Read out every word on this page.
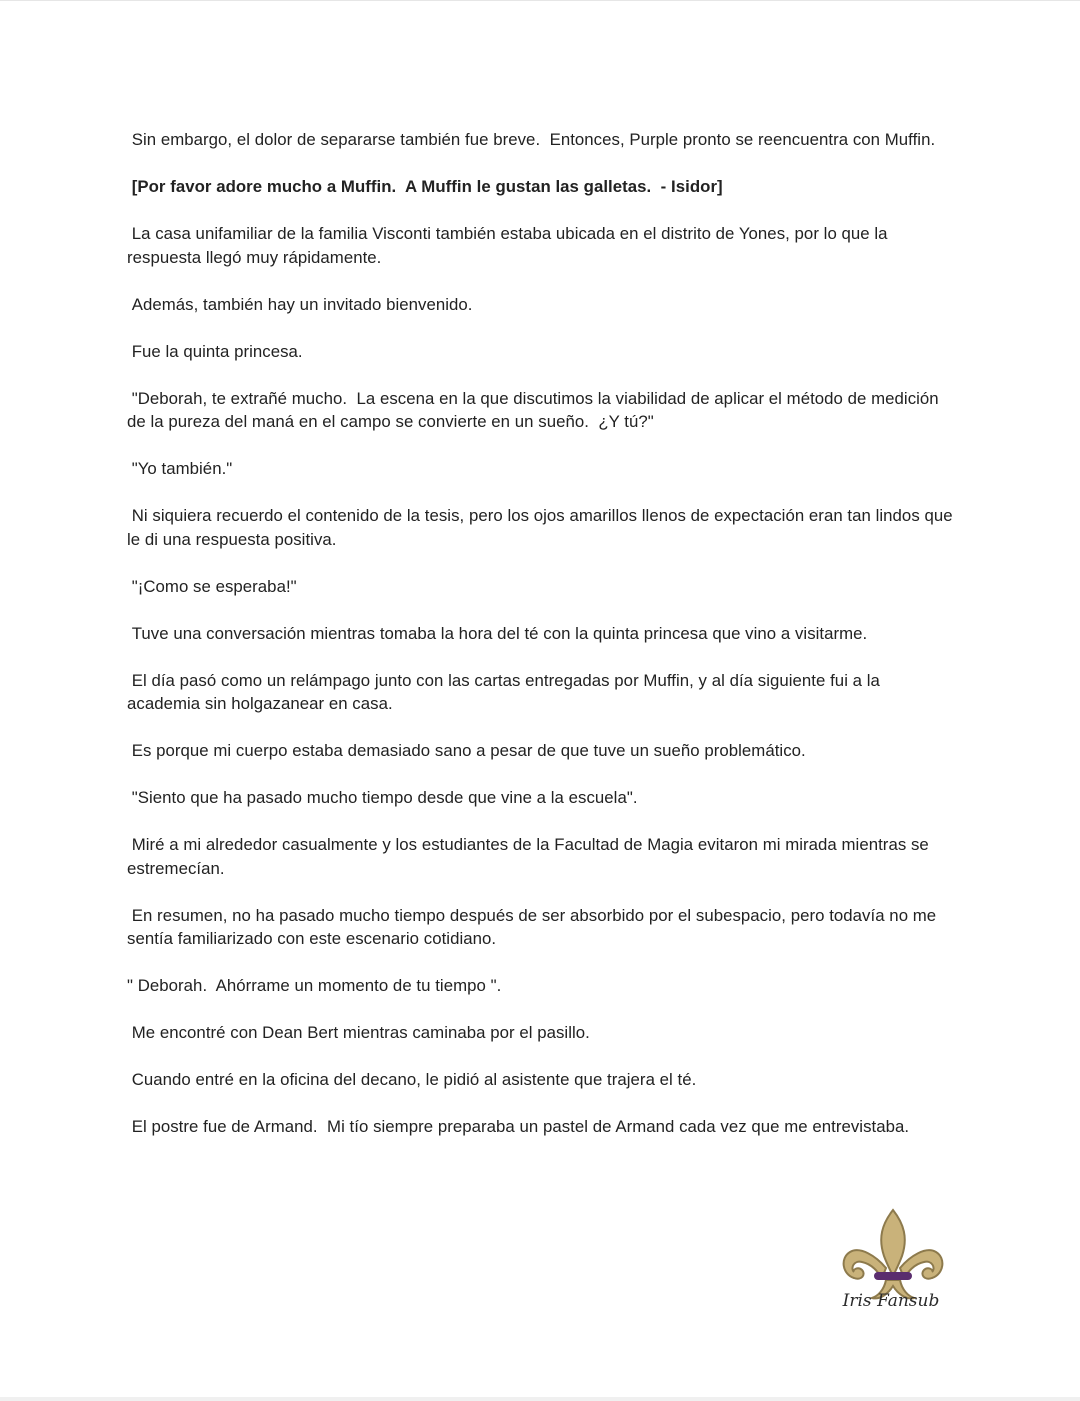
Sin embargo, el dolor de separarse también fue breve.  Entonces, Purple pronto se reencuentra con Muffin.

[Por favor adore mucho a Muffin.  A Muffin le gustan las galletas.  - Isidor]

La casa unifamiliar de la familia Visconti también estaba ubicada en el distrito de Yones, por lo que la respuesta llegó muy rápidamente.

Además, también hay un invitado bienvenido.

Fue la quinta princesa.

"Deborah, te extrañé mucho.  La escena en la que discutimos la viabilidad de aplicar el método de medición de la pureza del maná en el campo se convierte en un sueño.  ¿Y tú?"

"Yo también."

Ni siquiera recuerdo el contenido de la tesis, pero los ojos amarillos llenos de expectación eran tan lindos que le di una respuesta positiva.

"¡Como se esperaba!"

Tuve una conversación mientras tomaba la hora del té con la quinta princesa que vino a visitarme.

El día pasó como un relámpago junto con las cartas entregadas por Muffin, y al día siguiente fui a la academia sin holgazanear en casa.

Es porque mi cuerpo estaba demasiado sano a pesar de que tuve un sueño problemático.

"Siento que ha pasado mucho tiempo desde que vine a la escuela".

Miré a mi alrededor casualmente y los estudiantes de la Facultad de Magia evitaron mi mirada mientras se estremecían.

En resumen, no ha pasado mucho tiempo después de ser absorbido por el subespacio, pero todavía no me sentía familiarizado con este escenario cotidiano.

" Deborah.  Ahórrame un momento de tu tiempo ".

Me encontré con Dean Bert mientras caminaba por el pasillo.

Cuando entré en la oficina del decano, le pidió al asistente que trajera el té.

El postre fue de Armand.  Mi tío siempre preparaba un pastel de Armand cada vez que me entrevistaba.

Iris Fansub
